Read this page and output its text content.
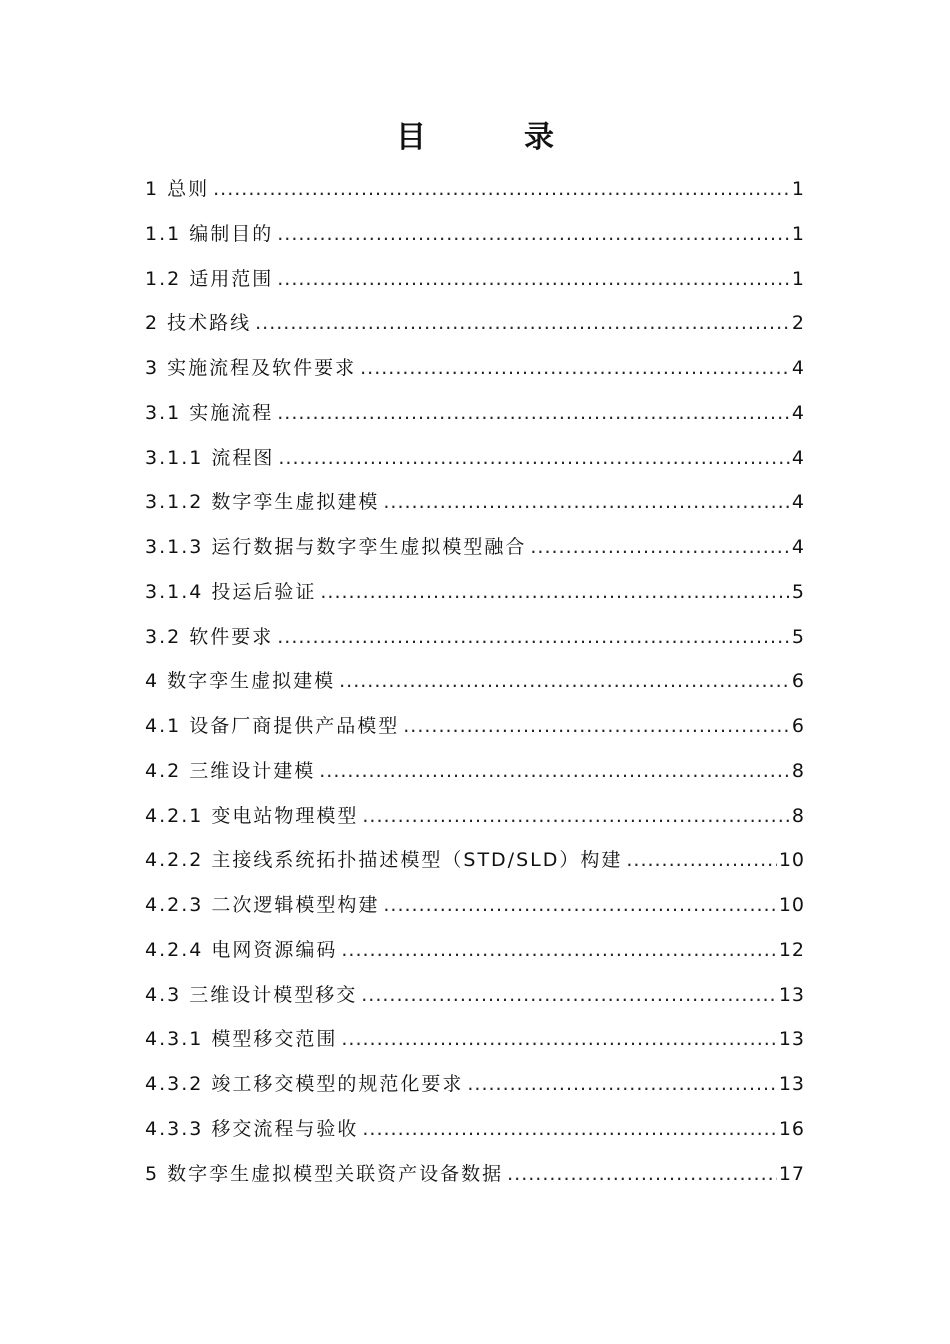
目　录
1 总则 .....	1
1.1 编制目的 .....	1
1.2 适用范围 .....	1
2 技术路线 .....	2
3 实施流程及软件要求 .....	4
3.1 实施流程 .....	4
3.1.1 流程图 .....	4
3.1.2 数字孪生虚拟建模 .....	4
3.1.3 运行数据与数字孪生虚拟模型融合 .....	4
3.1.4 投运后验证 .....	5
3.2 软件要求 .....	5
4 数字孪生虚拟建模 .....	6
4.1 设备厂商提供产品模型 .....	6
4.2 三维设计建模 .....	8
4.2.1 变电站物理模型 .....	8
4.2.2 主接线系统拓扑描述模型（STD/SLD）构建 .....	10
4.2.3 二次逻辑模型构建 .....	10
4.2.4 电网资源编码 .....	12
4.3 三维设计模型移交 .....	13
4.3.1 模型移交范围 .....	13
4.3.2 竣工移交模型的规范化要求 .....	13
4.3.3 移交流程与验收 .....	16
5 数字孪生虚拟模型关联资产设备数据 .....	17
